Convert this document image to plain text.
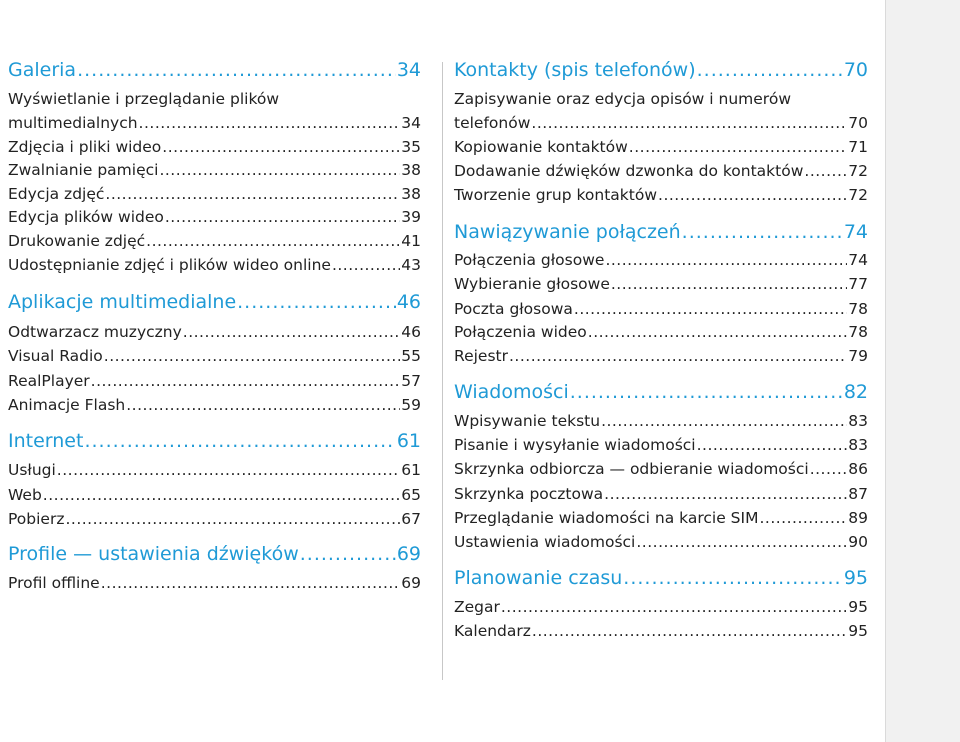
Galeria .....	34
Wyświetlanie i przeglądanie plików
multimedialnych .....	34
Zdjęcia i pliki wideo .....	35
Zwalnianie pamięci .....	38
Edycja zdjęć .....	38
Edycja plików wideo .....	39
Drukowanie zdjęć .....	41
Udostępnianie zdjęć i plików wideo online .....	43
Aplikacje multimedialne .....	46
Odtwarzacz muzyczny .....	46
Visual Radio .....	55
RealPlayer .....	57
Animacje Flash .....	59
Internet .....	61
Usługi .....	61
Web .....	65
Pobierz .....	67
Profile — ustawienia dźwięków .....	69
Profil offline .....	69
Kontakty (spis telefonów) .....	70
Zapisywanie oraz edycja opisów i numerów
telefonów .....	70
Kopiowanie kontaktów .....	71
Dodawanie dźwięków dzwonka do kontaktów .....	72
Tworzenie grup kontaktów .....	72
Nawiązywanie połączeń .....	74
Połączenia głosowe .....	74
Wybieranie głosowe .....	77
Poczta głosowa .....	78
Połączenia wideo .....	78
Rejestr .....	79
Wiadomości .....	82
Wpisywanie tekstu .....	83
Pisanie i wysyłanie wiadomości .....	83
Skrzynka odbiorcza — odbieranie wiadomości .....	86
Skrzynka pocztowa .....	87
Przeglądanie wiadomości na karcie SIM .....	89
Ustawienia wiadomości .....	90
Planowanie czasu .....	95
Zegar .....	95
Kalendarz .....	95
